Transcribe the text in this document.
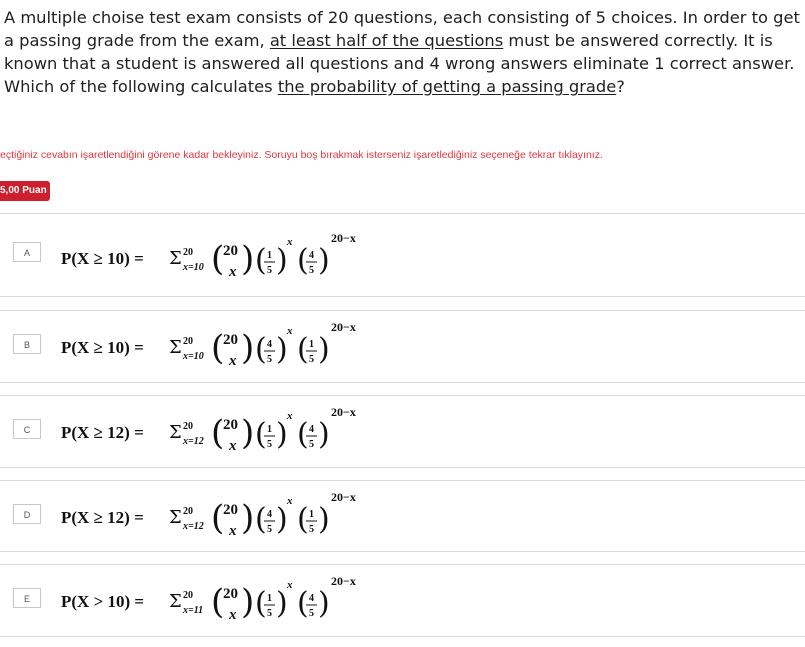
A multiple choise test exam consists of 20 questions, each consisting of 5 choices. In order to get a passing grade from the exam, at least half of the questions must be answered correctly. It is known that a student is answered all questions and 4 wrong answers eliminate 1 correct answer. Which of the following calculates the probability of getting a passing grade?
eçtiğiniz cevabın işaretlendiğini görene kadar bekleyiniz. Soruyu boş bırakmak isterseniz işaretlediğiniz seçeneğe tekrar tıklayınız.
5,00 Puan
A	P(X ≥ 10) = Σ 20
x=10 (
20
x ) ( 1
5 )
x
( 4
5 )
20−x
B	P(X ≥ 10) = Σ 20
x=10 (
20
x ) ( 4
5 )
x
( 1
5 )
20−x
C	P(X ≥ 12) = Σ 20
x=12 (
20
x ) ( 1
5 )
x
( 4
5 )
20−x
D	P(X ≥ 12) = Σ 20
x=12 (
20
x ) ( 4
5 )
x
( 1
5 )
20−x
E	P(X > 10) = Σ 20
x=11 (
20
x ) ( 1
5 )
x
( 4
5 )
20−x
